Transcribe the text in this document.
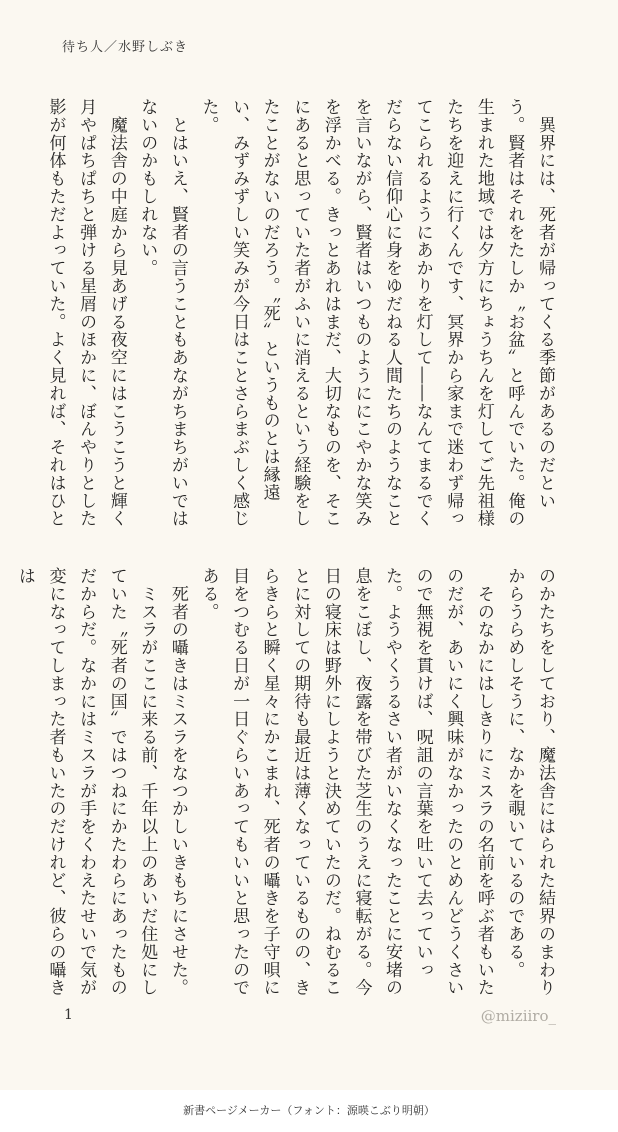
待ち人／水野しぶき
　異界には、死者が帰ってくる季節があるのだという。賢者はそれをたしか〝お盆〟と呼んでいた。俺の生まれた地域では夕方にちょうちんを灯してご先祖様たちを迎えに行くんです、冥界から家まで迷わず帰ってこられるようにあかりを灯して――なんてまるでくだらない信仰心に身をゆだねる人間たちのようなことを言いながら、賢者はいつものようににこやかな笑みを浮かべる。きっとあれはまだ、大切なものを、そこにあると思っていた者がふいに消えるという経験をしたことがないのだろう。〝死〟というものとは縁遠い、みずみずしい笑みが今日はことさらまぶしく感じた。
　とはいえ、賢者の言うこともあながちまちがいではないのかもしれない。
　魔法舎の中庭から見あげる夜空にはこうこうと輝く月やぱちぱちと弾ける星屑のほかに、ぼんやりとした影が何体もただよっていた。よく見れば、それはひと
のかたちをしており、魔法舎にはられた結界のまわりからうらめしそうに、なかを覗いているのである。
　そのなかにはしきりにミスラの名前を呼ぶ者もいたのだが、あいにく興味がなかったのとめんどうくさいので無視を貫けば、呪詛の言葉を吐いて去っていった。ようやくうるさい者がいなくなったことに安堵の息をこぼし、夜露を帯びた芝生のうえに寝転がる。今日の寝床は野外にしようと決めていたのだ。ねむることに対しての期待も最近は薄くなっているものの、きらきらと瞬く星々にかこまれ、死者の囁きを子守唄に目をつむる日が一日ぐらいあってもいいと思ったのである。
　死者の囁きはミスラをなつかしいきもちにさせた。
　ミスラがここに来る前、千年以上のあいだ住処にしていた〝死者の国〟ではつねにかたわらにあったものだからだ。なかにはミスラが手をくわえたせいで気が変になってしまった者もいたのだけれど、彼らの囁きは
1	@miziiro_
新書ページメーカー（フォント：源暎こぶり明朝）
